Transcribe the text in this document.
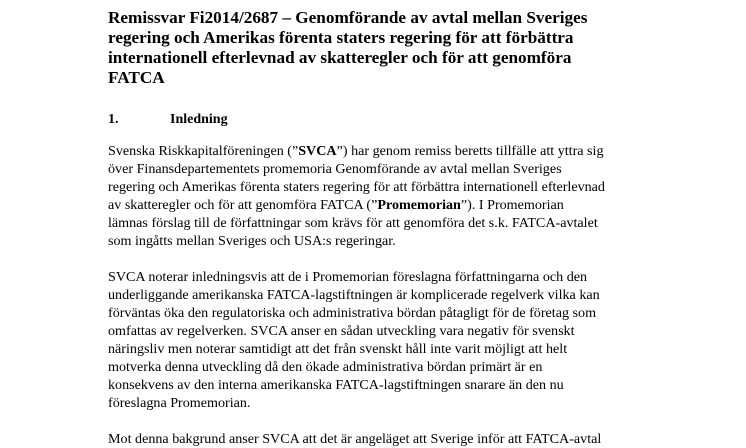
Remissvar Fi2014/2687 – Genomförande av avtal mellan Sveriges
regering och Amerikas förenta staters regering för att förbättra
internationell efterlevnad av skatteregler och för att genomföra
FATCA
1.	Inledning
Svenska Riskkapitalföreningen (”SVCA”) har genom remiss beretts tillfälle att yttra sig
över Finansdepartementets promemoria Genomförande av avtal mellan Sveriges
regering och Amerikas förenta staters regering för att förbättra internationell efterlevnad
av skatteregler och för att genomföra FATCA (”Promemorian”). I Promemorian
lämnas förslag till de författningar som krävs för att genomföra det s.k. FATCA-avtalet
som ingåtts mellan Sveriges och USA:s regeringar.
SVCA noterar inledningsvis att de i Promemorian föreslagna författningarna och den
underliggande amerikanska FATCA-lagstiftningen är komplicerade regelverk vilka kan
förväntas öka den regulatoriska och administrativa bördan påtagligt för de företag som
omfattas av regelverken. SVCA anser en sådan utveckling vara negativ för svenskt
näringsliv men noterar samtidigt att det från svenskt håll inte varit möjligt att helt
motverka denna utveckling då den ökade administrativa bördan primärt är en
konsekvens av den interna amerikanska FATCA-lagstiftningen snarare än den nu
föreslagna Promemorian.
Mot denna bakgrund anser SVCA att det är angeläget att Sverige inför att FATCA-avtal
